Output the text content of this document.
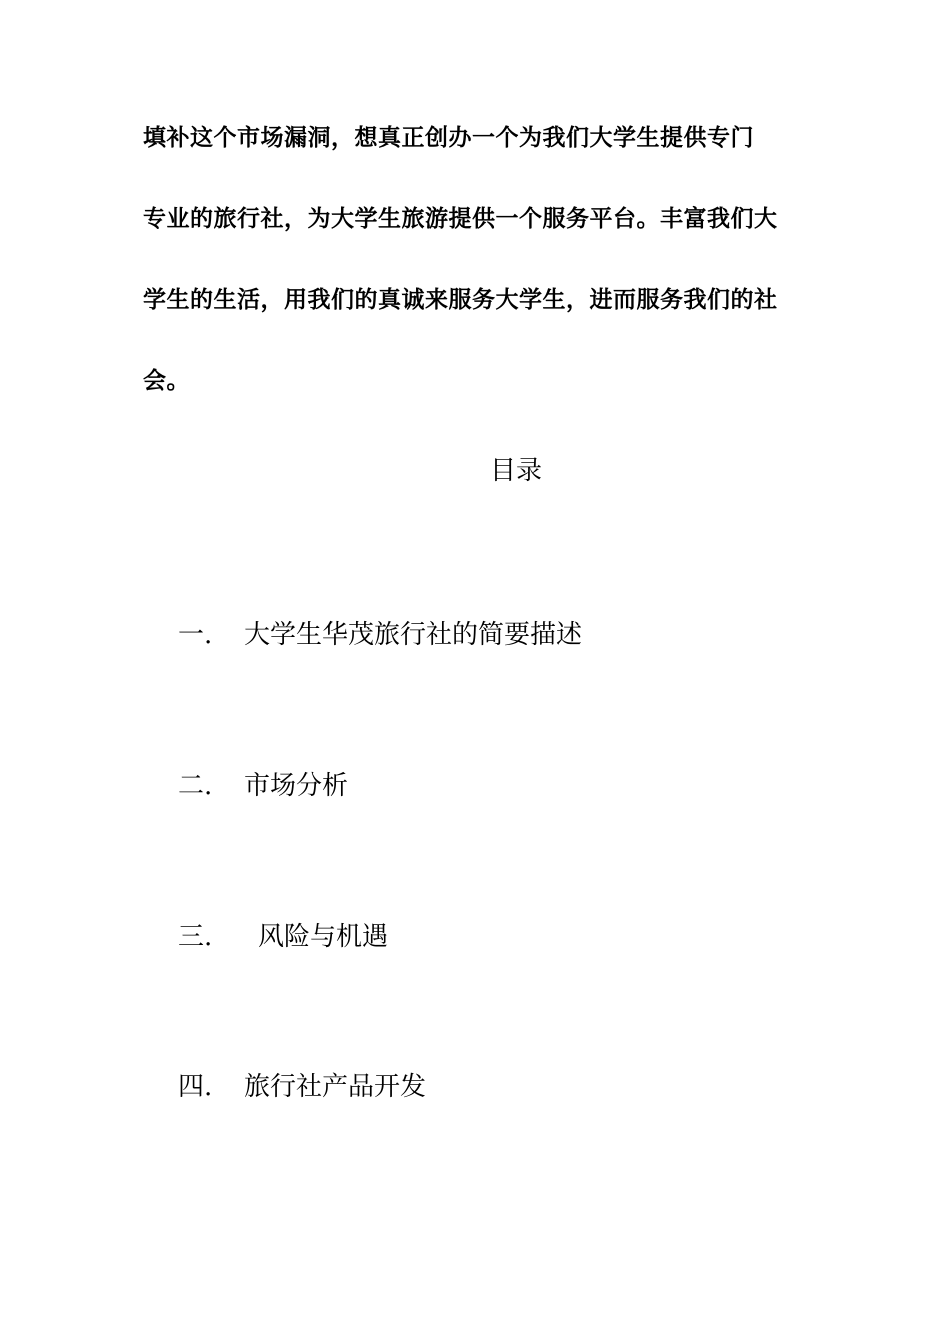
填补这个市场漏洞，想真正创办一个为我们大学生提供专门
专业的旅行社，为大学生旅游提供一个服务平台。丰富我们大
学生的生活，用我们的真诚来服务大学生，进而服务我们的社
会。
目录
一. 大学生华茂旅行社的简要描述
二. 市场分析
三. 风险与机遇
四. 旅行社产品开发
